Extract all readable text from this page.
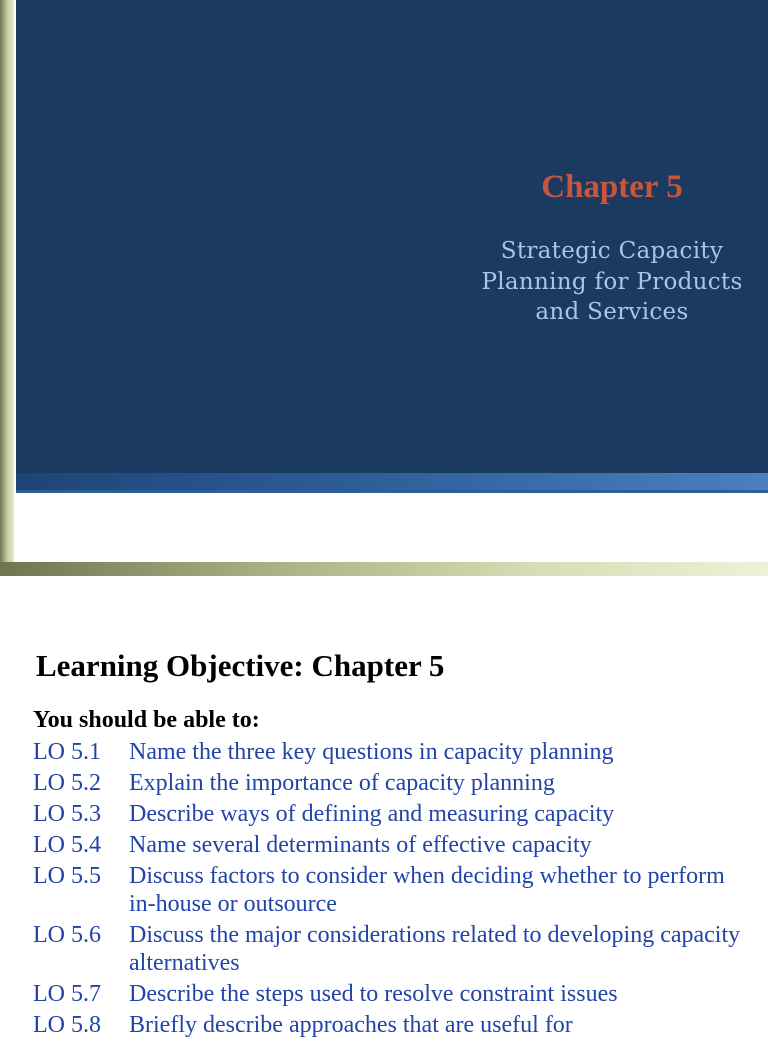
Chapter 5
Strategic Capacity Planning for Products and Services
Learning Objective: Chapter 5
You should be able to:
LO 5.1	Name the three key questions in capacity planning
LO 5.2	Explain the importance of capacity planning
LO 5.3	Describe ways of defining and measuring capacity
LO 5.4	Name several determinants of effective capacity
LO 5.5	Discuss factors to consider when deciding whether to perform in-house or outsource
LO 5.6	Discuss the major considerations related to developing capacity alternatives
LO 5.7	Describe the steps used to resolve constraint issues
LO 5.8	Briefly describe approaches that are useful for
